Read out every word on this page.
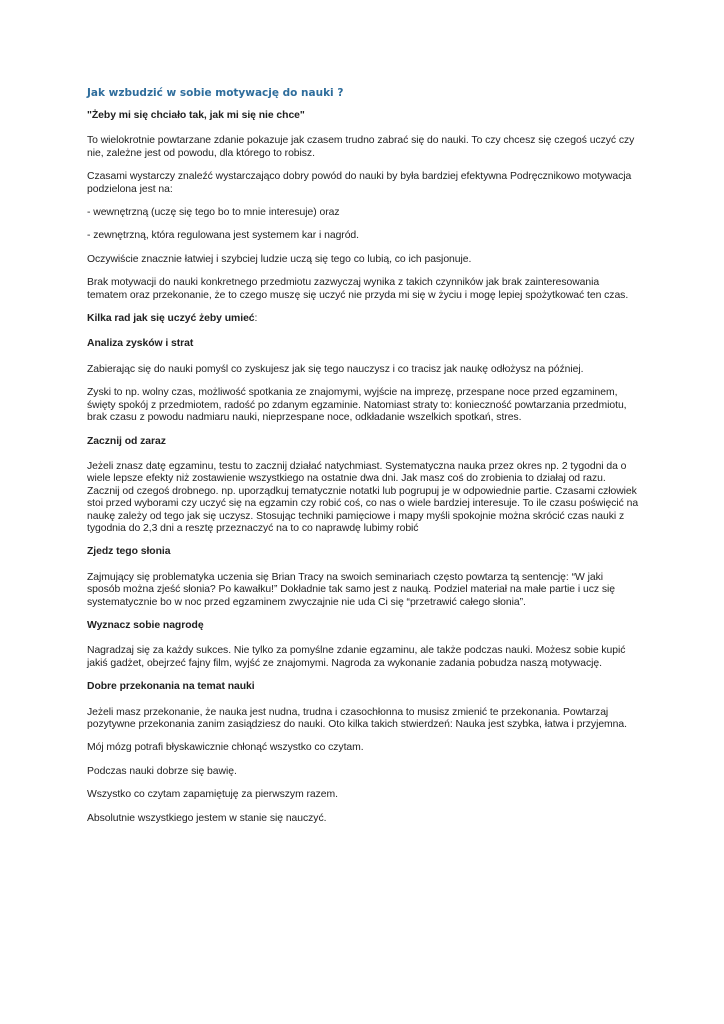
Jak wzbudzić w sobie motywację do nauki ?

"Żeby mi się chciało tak, jak mi się nie chce"

To wielokrotnie powtarzane zdanie pokazuje jak czasem trudno zabrać się do nauki. To czy chcesz się czegoś uczyć czy nie, zależne jest od powodu, dla którego to robisz.

Czasami wystarczy znaleźć wystarczająco dobry powód do nauki by była bardziej efektywna Podręcznikowo motywacja podzielona jest na:

- wewnętrzną (uczę się tego bo to mnie interesuje) oraz

- zewnętrzną, która regulowana jest systemem kar i nagród.

Oczywiście znacznie łatwiej i szybciej ludzie uczą się tego co lubią, co ich pasjonuje.

Brak motywacji do nauki konkretnego przedmiotu zazwyczaj wynika z takich czynników jak brak zainteresowania tematem oraz przekonanie, że to czego muszę się uczyć nie przyda mi się w życiu i mogę lepiej spożytkować ten czas.

Kilka rad jak się uczyć żeby umieć:

Analiza zysków i strat

Zabierając się do nauki pomyśl co zyskujesz jak się tego nauczysz i co tracisz jak naukę odłożysz na później.

Zyski to np. wolny czas, możliwość spotkania ze znajomymi, wyjście na imprezę, przespane noce przed egzaminem, święty spokój z przedmiotem, radość po zdanym egzaminie. Natomiast straty to: konieczność powtarzania przedmiotu, brak czasu z powodu nadmiaru nauki, nieprzespane noce, odkładanie wszelkich spotkań, stres.

Zacznij od zaraz

Jeżeli znasz datę egzaminu, testu to zacznij działać natychmiast. Systematyczna nauka przez okres np. 2 tygodni da o wiele lepsze efekty niż zostawienie wszystkiego na ostatnie dwa dni. Jak masz coś do zrobienia to działaj od razu. Zacznij od czegoś drobnego. np. uporządkuj tematycznie notatki lub pogrupuj je w odpowiednie partie. Czasami człowiek stoi przed wyborami czy uczyć się na egzamin czy robić coś, co nas o wiele bardziej interesuje. To ile czasu poświęcić na naukę zależy od tego jak się uczysz. Stosując techniki pamięciowe i mapy myśli spokojnie można skrócić czas nauki z tygodnia do 2,3 dni a resztę przeznaczyć na to co naprawdę lubimy robić

Zjedz tego słonia

Zajmujący się problematyka uczenia się Brian Tracy na swoich seminariach często powtarza tą sentencję: “W jaki sposób można zjeść słonia? Po kawałku!” Dokładnie tak samo jest z nauką. Podziel materiał na małe partie i ucz się systematycznie bo w noc przed egzaminem zwyczajnie nie uda Ci się “przetrawić całego słonia”.

Wyznacz sobie nagrodę

Nagradzaj się za każdy sukces. Nie tylko za pomyślne zdanie egzaminu, ale także podczas nauki. Możesz sobie kupić jakiś gadżet, obejrzeć fajny film, wyjść ze znajomymi. Nagroda za wykonanie zadania pobudza naszą motywację.

Dobre przekonania na temat nauki

Jeżeli masz przekonanie, że nauka jest nudna, trudna i czasochłonna to musisz zmienić te przekonania. Powtarzaj pozytywne przekonania zanim zasiądziesz do nauki. Oto kilka takich stwierdzeń: Nauka jest szybka, łatwa i przyjemna.

Mój mózg potrafi błyskawicznie chłonąć wszystko co czytam.

Podczas nauki dobrze się bawię.

Wszystko co czytam zapamiętuję za pierwszym razem.

Absolutnie wszystkiego jestem w stanie się nauczyć.
